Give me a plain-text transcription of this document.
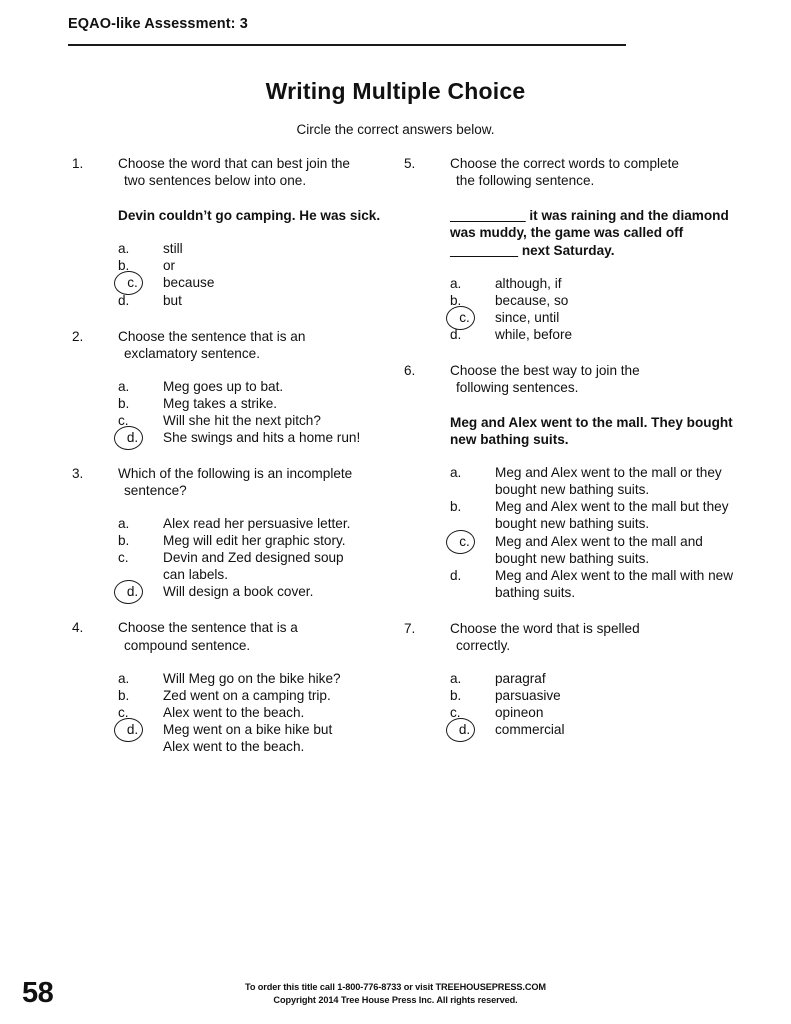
EQAO-like Assessment: 3
Writing Multiple Choice
Circle the correct answers below.
1.	Choose the word that can best join the
two sentences below into one.
Devin couldn’t go camping. He was sick.
a.	still
b.	or
c.	because
d.	but
2.	Choose the sentence that is an
exclamatory sentence.
a.	Meg goes up to bat.
b.	Meg takes a strike.
c.	Will she hit the next pitch?
d.	She swings and hits a home run!
3.	Which of the following is an incomplete
sentence?
a.	Alex read her persuasive letter.
b.	Meg will edit her graphic story.
c.	Devin and Zed designed soup
can labels.
d.	Will design a book cover.
4.	Choose the sentence that is a
compound sentence.
a.	Will Meg go on the bike hike?
b.	Zed went on a camping trip.
c.	Alex went to the beach.
d.	Meg went on a bike hike but
Alex went to the beach.
5.	Choose the correct words to complete
the following sentence.
__________ it was raining and the diamond was muddy, the game was called off _________ next Saturday.
a.	although, if
b.	because, so
c.	since, until
d.	while, before
6.	Choose the best way to join the
following sentences.
Meg and Alex went to the mall. They bought new bathing suits.
a.	Meg and Alex went to the mall or they bought new bathing suits.
b.	Meg and Alex went to the mall but they bought new bathing suits.
c.	Meg and Alex went to the mall and bought new bathing suits.
d.	Meg and Alex went to the mall with new bathing suits.
7.	Choose the word that is spelled
correctly.
a.	paragraf
b.	parsuasive
c.	opineon
d.	commercial
58	To order this title call 1-800-776-8733 or visit TREEHOUSEPRESS.COM
Copyright 2014 Tree House Press Inc. All rights reserved.
